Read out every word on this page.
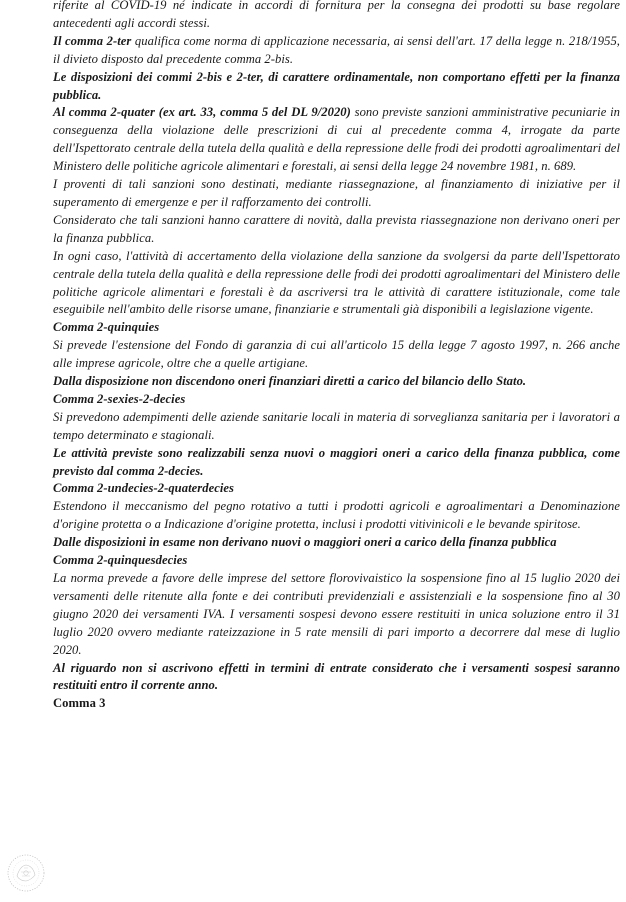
riferite al COVID-19 né indicate in accordi di fornitura per la consegna dei prodotti su base regolare antecedenti agli accordi stessi.

Il comma 2-ter qualifica come norma di applicazione necessaria, ai sensi dell'art. 17 della legge n. 218/1955, il divieto disposto dal precedente comma 2-bis.

Le disposizioni dei commi 2-bis e 2-ter, di carattere ordinamentale, non comportano effetti per la finanza pubblica.

Al comma 2-quater (ex art. 33, comma 5 del DL 9/2020) sono previste sanzioni amministrative pecuniarie in conseguenza della violazione delle prescrizioni di cui al precedente comma 4, irrogate da parte dell'Ispettorato centrale della tutela della qualità e della repressione delle frodi dei prodotti agroalimentari del Ministero delle politiche agricole alimentari e forestali, ai sensi della legge 24 novembre 1981, n. 689.

I proventi di tali sanzioni sono destinati, mediante riassegnazione, al finanziamento di iniziative per il superamento di emergenze e per il rafforzamento dei controlli.

Considerato che tali sanzioni hanno carattere di novità, dalla prevista riassegnazione non derivano oneri per la finanza pubblica.

In ogni caso, l'attività di accertamento della violazione della sanzione da svolgersi da parte dell'Ispettorato centrale della tutela della qualità e della repressione delle frodi dei prodotti agroalimentari del Ministero delle politiche agricole alimentari e forestali è da ascriversi tra le attività di carattere istituzionale, come tale eseguibile nell'ambito delle risorse umane, finanziarie e strumentali già disponibili a legislazione vigente.

Comma 2-quinquies

Si prevede l'estensione del Fondo di garanzia di cui all'articolo 15 della legge 7 agosto 1997, n. 266 anche alle imprese agricole, oltre che a quelle artigiane.

Dalla disposizione non discendono oneri finanziari diretti a carico del bilancio dello Stato.

Comma 2-sexies-2-decies

Si prevedono adempimenti delle aziende sanitarie locali in materia di sorveglianza sanitaria per i lavoratori a tempo determinato e stagionali.

Le attività previste sono realizzabili senza nuovi o maggiori oneri a carico della finanza pubblica, come previsto dal comma 2-decies.

Comma 2-undecies-2-quaterdecies

Estendono il meccanismo del pegno rotativo a tutti i prodotti agricoli e agroalimentari a Denominazione d'origine protetta o a Indicazione d'origine protetta, inclusi i prodotti vitivinicoli e le bevande spiritose.

Dalle disposizioni in esame non derivano nuovi o maggiori oneri a carico della finanza pubblica

Comma 2-quinquesdecies

La norma prevede a favore delle imprese del settore florovivaistico la sospensione fino al 15 luglio 2020 dei versamenti delle ritenute alla fonte e dei contributi previdenziali e assistenziali e la sospensione fino al 30 giugno 2020 dei versamenti IVA. I versamenti sospesi devono essere restituiti in unica soluzione entro il 31 luglio 2020 ovvero mediante rateizzazione in 5 rate mensili di pari importo a decorrere dal mese di luglio 2020.

Al riguardo non si ascrivono effetti in termini di entrate considerato che i versamenti sospesi saranno restituiti entro il corrente anno.

Comma 3
